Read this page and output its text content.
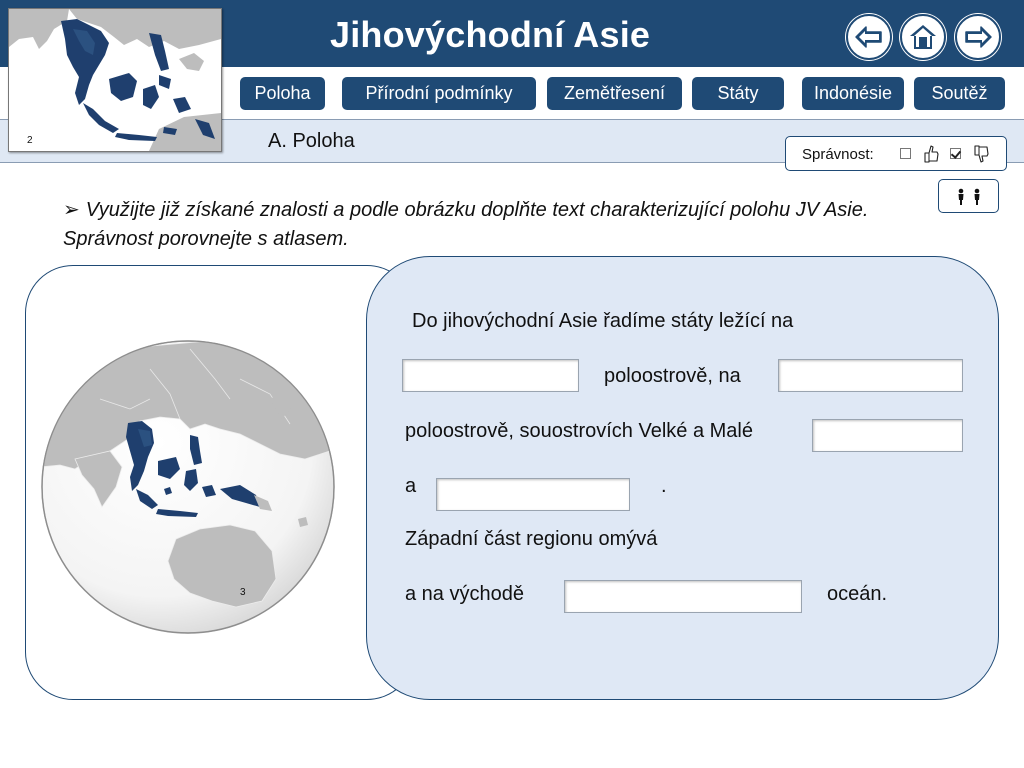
Jihovýchodní Asie
Poloha	Přírodní podmínky	Zemětřesení	Státy	Indonésie	Soutěž
A. Poloha
2
Správnost:
➢ Využijte již získané znalosti a podle obrázku doplňte text charakterizující polohu JV Asie. Správnost porovnejte s atlasem.
3
Do jihovýchodní Asie řadíme státy ležící na
poloostrově, na
poloostrově, souostrovích Velké a Malé
a	.
Západní část regionu omývá
a na východě	oceán.
